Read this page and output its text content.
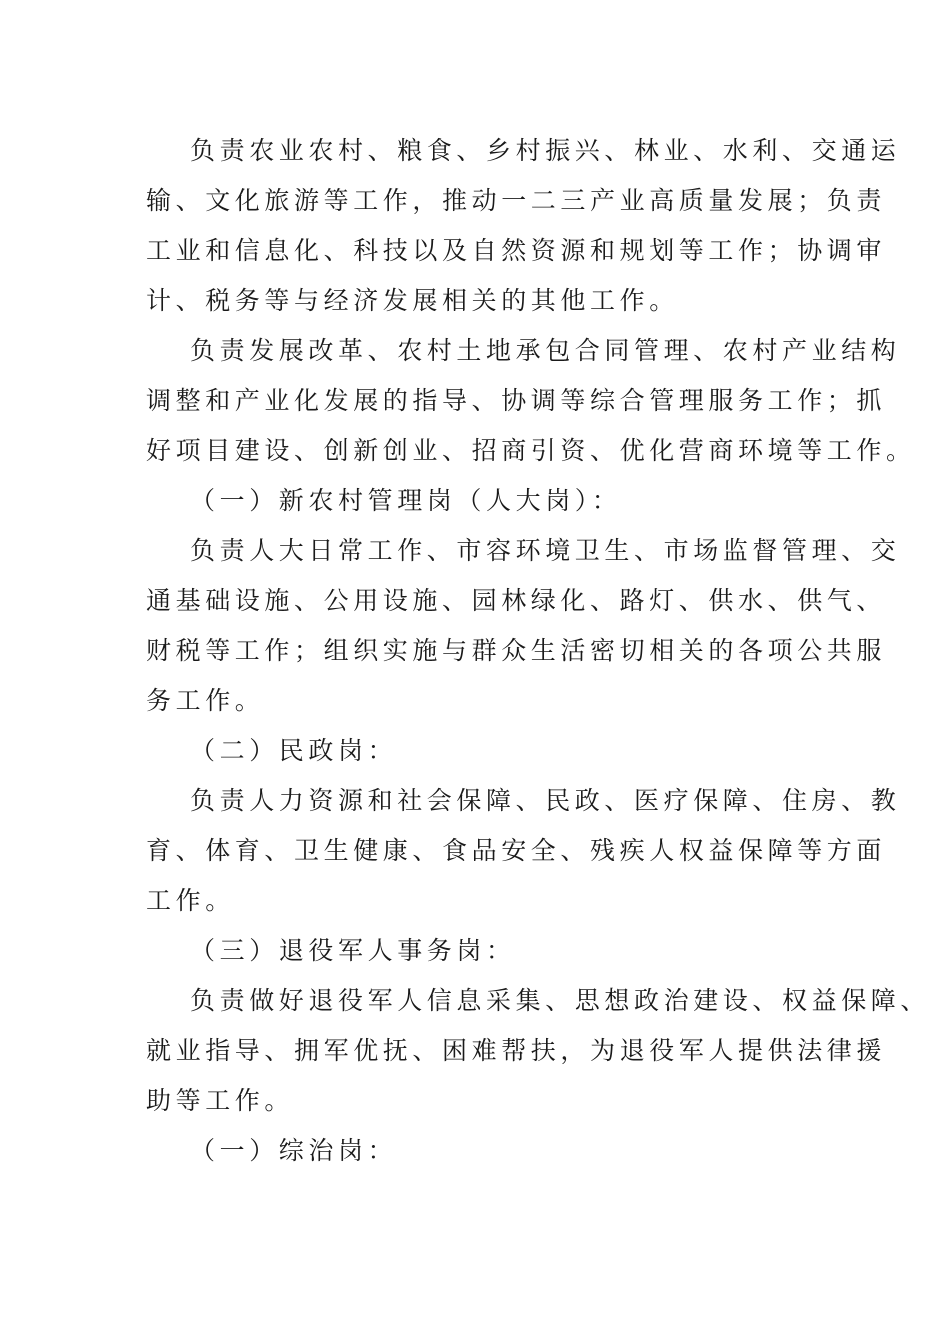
负责农业农村、粮食、乡村振兴、林业、水利、交通运
输、文化旅游等工作，推动一二三产业高质量发展；负责
工业和信息化、科技以及自然资源和规划等工作；协调审
计、税务等与经济发展相关的其他工作。
负责发展改革、农村土地承包合同管理、农村产业结构
调整和产业化发展的指导、协调等综合管理服务工作；抓
好项目建设、创新创业、招商引资、优化营商环境等工作。
（一）新农村管理岗（人大岗）：
负责人大日常工作、市容环境卫生、市场监督管理、交
通基础设施、公用设施、园林绿化、路灯、供水、供气、
财税等工作；组织实施与群众生活密切相关的各项公共服
务工作。
（二）民政岗：
负责人力资源和社会保障、民政、医疗保障、住房、教
育、体育、卫生健康、食品安全、残疾人权益保障等方面
工作。
（三）退役军人事务岗：
负责做好退役军人信息采集、思想政治建设、权益保障、
就业指导、拥军优抚、困难帮扶，为退役军人提供法律援
助等工作。
（一）综治岗：
